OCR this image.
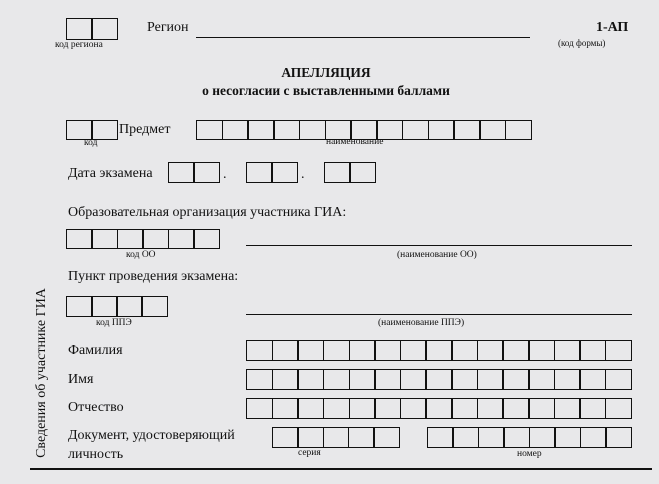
код региона
Регион	1-АП
(код формы)
АПЕЛЛЯЦИЯ
о несогласии с выставленными баллами
Предмет
код	наименование
Дата экзамена	.	.
Образовательная организация участника ГИА:
код ОО	(наименование ОО)
Пункт проведения экзамена:
код ППЭ	(наименование ППЭ)
Сведения об участнике ГИА Фамилия
Имя
Отчество
Документ, удостоверяющий
личность	серия	номер
